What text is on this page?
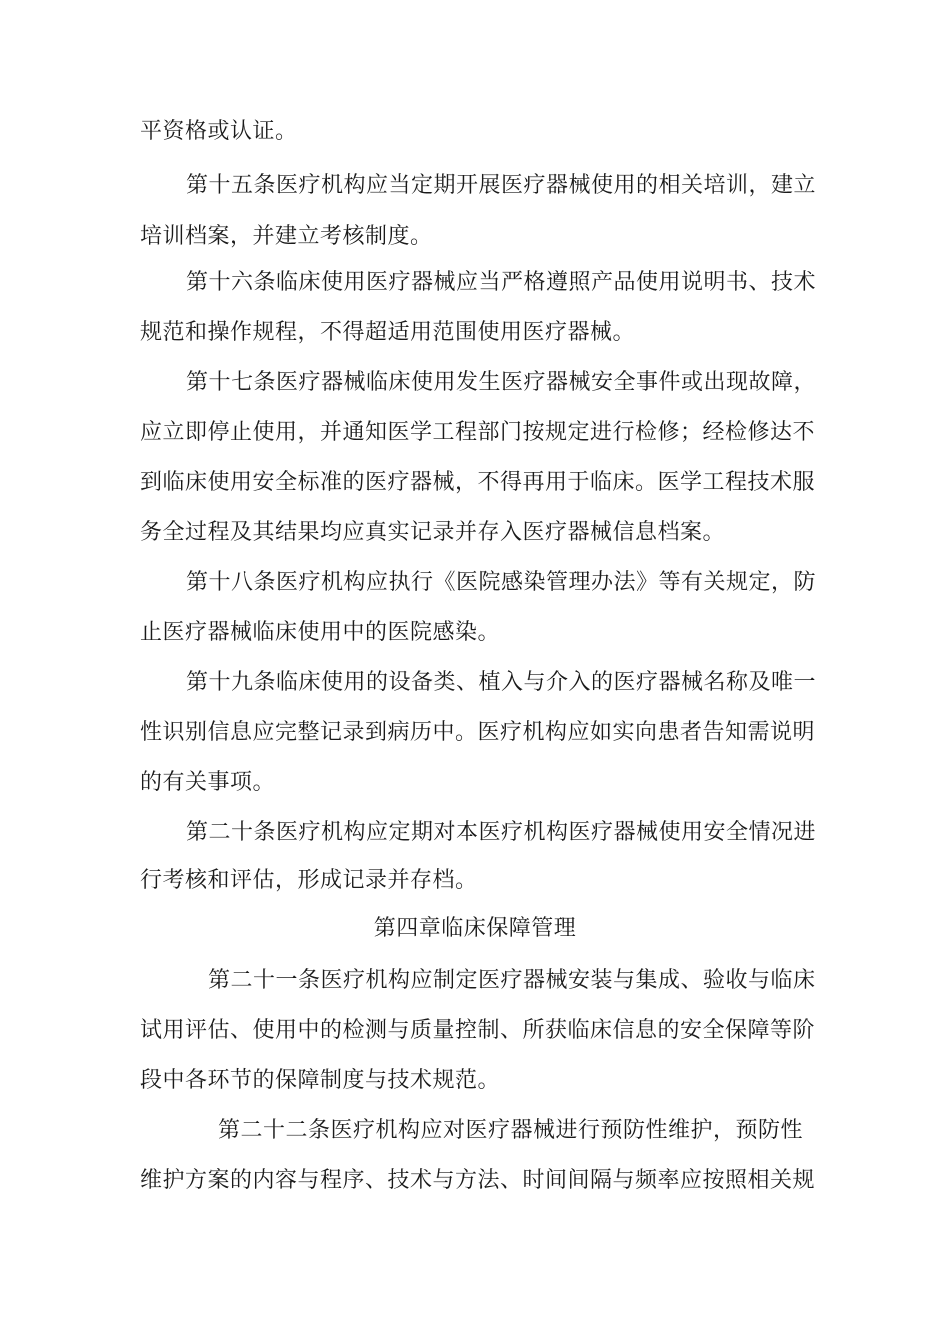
平资格或认证。
第十五条医疗机构应当定期开展医疗器械使用的相关培训，建立
培训档案，并建立考核制度。
第十六条临床使用医疗器械应当严格遵照产品使用说明书、技术
规范和操作规程，不得超适用范围使用医疗器械。
第十七条医疗器械临床使用发生医疗器械安全事件或出现故障，
应立即停止使用，并通知医学工程部门按规定进行检修；经检修达不
到临床使用安全标准的医疗器械，不得再用于临床。医学工程技术服
务全过程及其结果均应真实记录并存入医疗器械信息档案。
第十八条医疗机构应执行《医院感染管理办法》等有关规定，防
止医疗器械临床使用中的医院感染。
第十九条临床使用的设备类、植入与介入的医疗器械名称及唯一
性识别信息应完整记录到病历中。医疗机构应如实向患者告知需说明
的有关事项。
第二十条医疗机构应定期对本医疗机构医疗器械使用安全情况进
行考核和评估，形成记录并存档。
第四章临床保障管理
第二十一条医疗机构应制定医疗器械安装与集成、验收与临床
试用评估、使用中的检测与质量控制、所获临床信息的安全保障等阶
段中各环节的保障制度与技术规范。
第二十二条医疗机构应对医疗器械进行预防性维护，预防性
维护方案的内容与程序、技术与方法、时间间隔与频率应按照相关规
